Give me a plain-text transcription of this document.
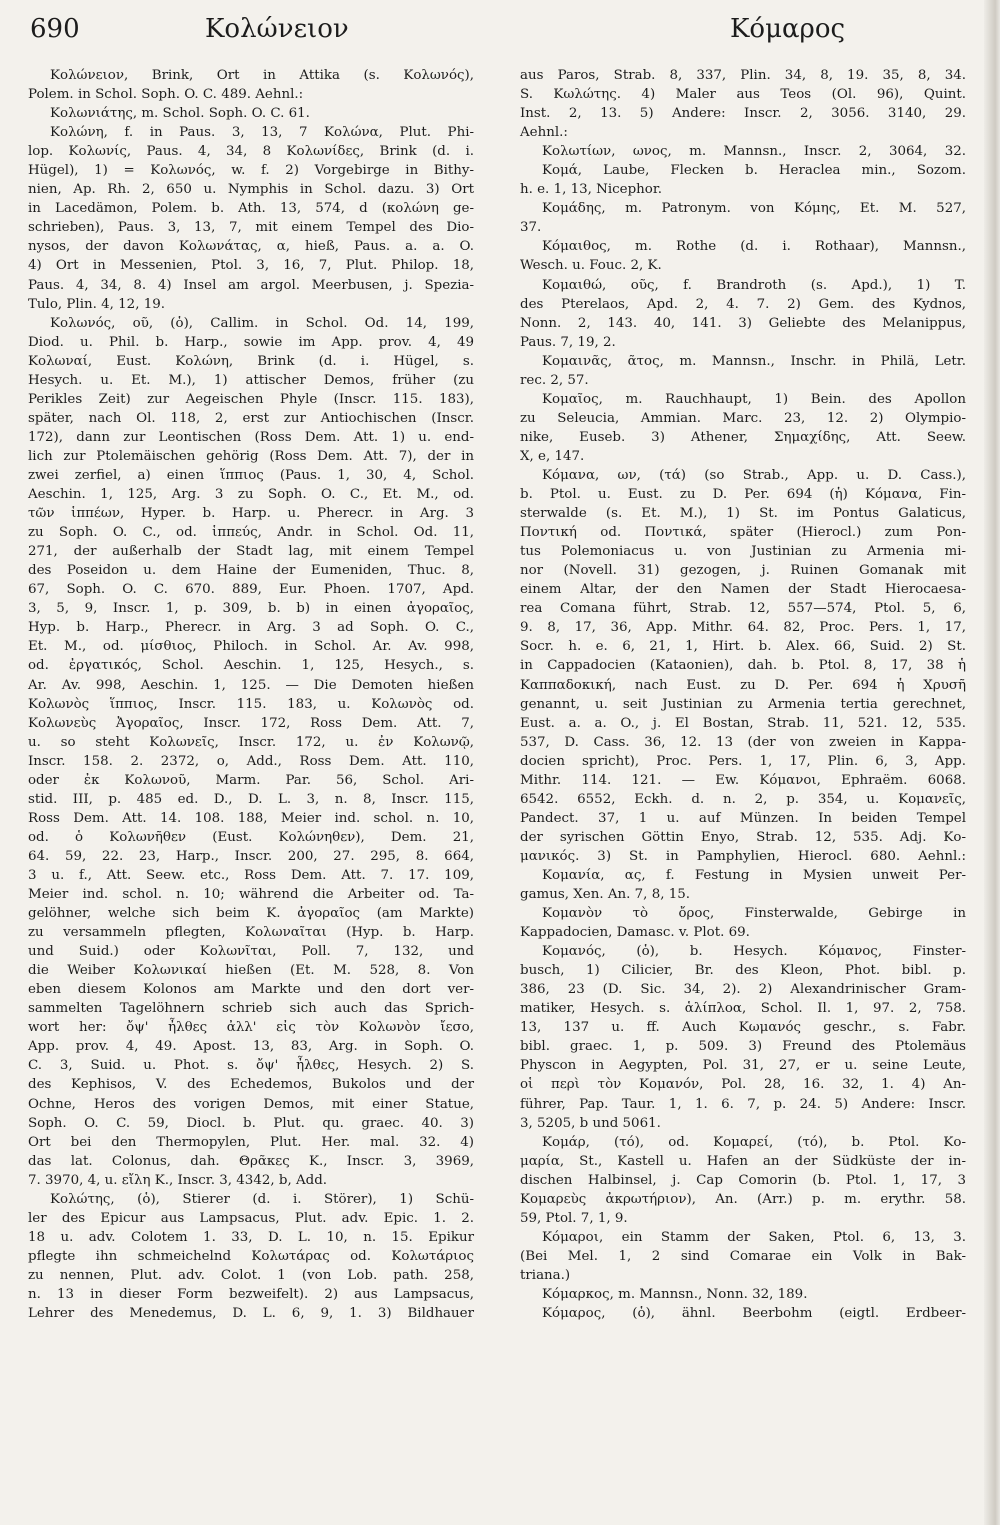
690	Κολώνειον	Κόμαρος
Κολώνειον, Brink, Ort in Attika (s. Κολωνός),
Polem. in Schol. Soph. O. C. 489. Aehnl.:
Κολωνιάτης, m. Schol. Soph. O. C. 61.
Κολώνη, f. in Paus. 3, 13, 7 Κολώνα, Plut. Phi-
lop. Κολωνίς, Paus. 4, 34, 8 Κολωνίδες, Brink (d. i.
Hügel), 1) = Κολωνός, w. f. 2) Vorgebirge in Bithy-
nien, Ap. Rh. 2, 650 u. Nymphis in Schol. dazu. 3) Ort
in Lacedämon, Polem. b. Ath. 13, 574, d (κολώνη ge-
schrieben), Paus. 3, 13, 7, mit einem Tempel des Dio-
nysos, der davon Κολωνάτας, α, hieß, Paus. a. a. O.
4) Ort in Messenien, Ptol. 3, 16, 7, Plut. Philop. 18,
Paus. 4, 34, 8. 4) Insel am argol. Meerbusen, j. Spezia-
Tulo, Plin. 4, 12, 19.
Κολωνός, οῦ, (ὁ), Callim. in Schol. Od. 14, 199,
Diod. u. Phil. b. Harp., sowie im App. prov. 4, 49
Κολωναί, Eust. Κολώνη, Brink (d. i. Hügel, s.
Hesych. u. Et. M.), 1) attischer Demos, früher (zu
Perikles Zeit) zur Aegeischen Phyle (Inscr. 115. 183),
später, nach Ol. 118, 2, erst zur Antiochischen (Inscr.
172), dann zur Leontischen (Ross Dem. Att. 1) u. end-
lich zur Ptolemäischen gehörig (Ross Dem. Att. 7), der in
zwei zerfiel, a) einen ἵππιος (Paus. 1, 30, 4, Schol.
Aeschin. 1, 125, Arg. 3 zu Soph. O. C., Et. M., od.
τῶν ἱππέων, Hyper. b. Harp. u. Pherecr. in Arg. 3
zu Soph. O. C., od. ἱππεύς, Andr. in Schol. Od. 11,
271, der außerhalb der Stadt lag, mit einem Tempel
des Poseidon u. dem Haine der Eumeniden, Thuc. 8,
67, Soph. O. C. 670. 889, Eur. Phoen. 1707, Apd.
3, 5, 9, Inscr. 1, p. 309, b. b) in einen ἀγοραῖος,
Hyp. b. Harp., Pherecr. in Arg. 3 ad Soph. O. C.,
Et. M., od. μίσθιος, Philoch. in Schol. Ar. Av. 998,
od. ἐργατικός, Schol. Aeschin. 1, 125, Hesych., s.
Ar. Av. 998, Aeschin. 1, 125. — Die Demoten hießen
Κολωνὸς ἵππιος, Inscr. 115. 183, u. Κολωνὸς od.
Κολωνεὺς Ἀγοραῖος, Inscr. 172, Ross Dem. Att. 7,
u. so steht Κολωνεῖς, Inscr. 172, u. ἐν Κολωνῷ,
Inscr. 158. 2. 2372, o, Add., Ross Dem. Att. 110,
oder ἐκ Κολωνοῦ, Marm. Par. 56, Schol. Ari-
stid. III, p. 485 ed. D., D. L. 3, n. 8, Inscr. 115,
Ross Dem. Att. 14. 108. 188, Meier ind. schol. n. 10,
od. ὁ Κολωνῆθεν (Eust. Κολώνηθεν), Dem. 21,
64. 59, 22. 23, Harp., Inscr. 200, 27. 295, 8. 664,
3 u. f., Att. Seew. etc., Ross Dem. Att. 7. 17. 109,
Meier ind. schol. n. 10; während die Arbeiter od. Ta-
gelöhner, welche sich beim K. ἀγοραῖος (am Markte)
zu versammeln pflegten, Κολωναῖται (Hyp. b. Harp.
und Suid.) oder Κολωνῖται, Poll. 7, 132, und
die Weiber Κολωνικαί hießen (Et. M. 528, 8. Von
eben diesem Kolonos am Markte und den dort ver-
sammelten Tagelöhnern schrieb sich auch das Sprich-
wort her: ὄψ' ἦλθες ἀλλ' εἰς τὸν Κολωνὸν ἴεσο,
App. prov. 4, 49. Apost. 13, 83, Arg. in Soph. O.
C. 3, Suid. u. Phot. s. ὄψ' ἦλθες, Hesych. 2) S.
des Kephisos, V. des Echedemos, Bukolos und der
Ochne, Heros des vorigen Demos, mit einer Statue,
Soph. O. C. 59, Diocl. b. Plut. qu. graec. 40. 3)
Ort bei den Thermopylen, Plut. Her. mal. 32. 4)
das lat. Colonus, dah. Θρᾶκες K., Inscr. 3, 3969,
7. 3970, 4, u. εἴλη K., Inscr. 3, 4342, b, Add.
Κολώτης, (ὁ), Stierer (d. i. Störer), 1) Schü-
ler des Epicur aus Lampsacus, Plut. adv. Epic. 1. 2.
18 u. adv. Colotem 1. 33, D. L. 10, n. 15. Epikur
pflegte ihn schmeichelnd Κολωτάρας od. Κολωτάριος
zu nennen, Plut. adv. Colot. 1 (von Lob. path. 258,
n. 13 in dieser Form bezweifelt). 2) aus Lampsacus,
Lehrer des Menedemus, D. L. 6, 9, 1. 3) Bildhauer
aus Paros, Strab. 8, 337, Plin. 34, 8, 19. 35, 8, 34.
S. Κωλώτης. 4) Maler aus Teos (Ol. 96), Quint.
Inst. 2, 13. 5) Andere: Inscr. 2, 3056. 3140, 29.
Aehnl.:
Κολωτίων, ωνος, m. Mannsn., Inscr. 2, 3064, 32.
Κομά, Laube, Flecken b. Heraclea min., Sozom.
h. e. 1, 13, Nicephor.
Κομάδης, m. Patronym. von Κόμης, Et. M. 527,
37.
Κόμαιθος, m. Rothe (d. i. Rothaar), Mannsn.,
Wesch. u. Fouc. 2, K.
Κομαιθώ, οῦς, f. Brandroth (s. Apd.), 1) T.
des Pterelaos, Apd. 2, 4. 7. 2) Gem. des Kydnos,
Nonn. 2, 143. 40, 141. 3) Geliebte des Melanippus,
Paus. 7, 19, 2.
Κομαινᾶς, ᾶτος, m. Mannsn., Inschr. in Philä, Letr.
rec. 2, 57.
Κομαῖος, m. Rauchhaupt, 1) Bein. des Apollon
zu Seleucia, Ammian. Marc. 23, 12. 2) Olympio-
nike, Euseb. 3) Athener, Σημαχίδης, Att. Seew.
X, e, 147.
Κόμανα, ων, (τά) (so Strab., App. u. D. Cass.),
b. Ptol. u. Eust. zu D. Per. 694 (ἡ) Κόμανα, Fin-
sterwalde (s. Et. M.), 1) St. im Pontus Galaticus,
Ποντική od. Ποντικά, später (Hierocl.) zum Pon-
tus Polemoniacus u. von Justinian zu Armenia mi-
nor (Novell. 31) gezogen, j. Ruinen Gomanak mit
einem Altar, der den Namen der Stadt Hierocaesa-
rea Comana führt, Strab. 12, 557—574, Ptol. 5, 6,
9. 8, 17, 36, App. Mithr. 64. 82, Proc. Pers. 1, 17,
Socr. h. e. 6, 21, 1, Hirt. b. Alex. 66, Suid. 2) St.
in Cappadocien (Kataonien), dah. b. Ptol. 8, 17, 38 ἡ
Καππαδοκική, nach Eust. zu D. Per. 694 ἡ Χρυσῆ
genannt, u. seit Justinian zu Armenia tertia gerechnet,
Eust. a. a. O., j. El Bostan, Strab. 11, 521. 12, 535.
537, D. Cass. 36, 12. 13 (der von zweien in Kappa-
docien spricht), Proc. Pers. 1, 17, Plin. 6, 3, App.
Mithr. 114. 121. — Ew. Κόμανοι, Ephraëm. 6068.
6542. 6552, Eckh. d. n. 2, p. 354, u. Κομανεῖς,
Pandect. 37, 1 u. auf Münzen. In beiden Tempel
der syrischen Göttin Enyo, Strab. 12, 535. Adj. Κο-
μανικός. 3) St. in Pamphylien, Hierocl. 680. Aehnl.:
Κομανία, ας, f. Festung in Mysien unweit Per-
gamus, Xen. An. 7, 8, 15.
Κομανὸν τὸ ὄρος, Finsterwalde, Gebirge in
Kappadocien, Damasc. v. Plot. 69.
Κομανός, (ὁ), b. Hesych. Κόμανος, Finster-
busch, 1) Cilicier, Br. des Kleon, Phot. bibl. p.
386, 23 (D. Sic. 34, 2). 2) Alexandrinischer Gram-
matiker, Hesych. s. ἁλίπλοα, Schol. Il. 1, 97. 2, 758.
13, 137 u. ff. Auch Κωμανός geschr., s. Fabr.
bibl. graec. 1, p. 509. 3) Freund des Ptolemäus
Physcon in Aegypten, Pol. 31, 27, er u. seine Leute,
οἱ περὶ τὸν Κομανόν, Pol. 28, 16. 32, 1. 4) An-
führer, Pap. Taur. 1, 1. 6. 7, p. 24. 5) Andere: Inscr.
3, 5205, b und 5061.
Κομάρ, (τό), od. Κομαρεί, (τό), b. Ptol. Κο-
μαρία, St., Kastell u. Hafen an der Südküste der in-
dischen Halbinsel, j. Cap Comorin (b. Ptol. 1, 17, 3
Κομαρεὺς ἀκρωτήριον), An. (Arr.) p. m. erythr. 58.
59, Ptol. 7, 1, 9.
Κόμαροι, ein Stamm der Saken, Ptol. 6, 13, 3.
(Bei Mel. 1, 2 sind Comarae ein Volk in Bak-
triana.)
Κόμαρκος, m. Mannsn., Nonn. 32, 189.
Κόμαρος, (ὁ), ähnl. Beerbohm (eigtl. Erdbeer-
